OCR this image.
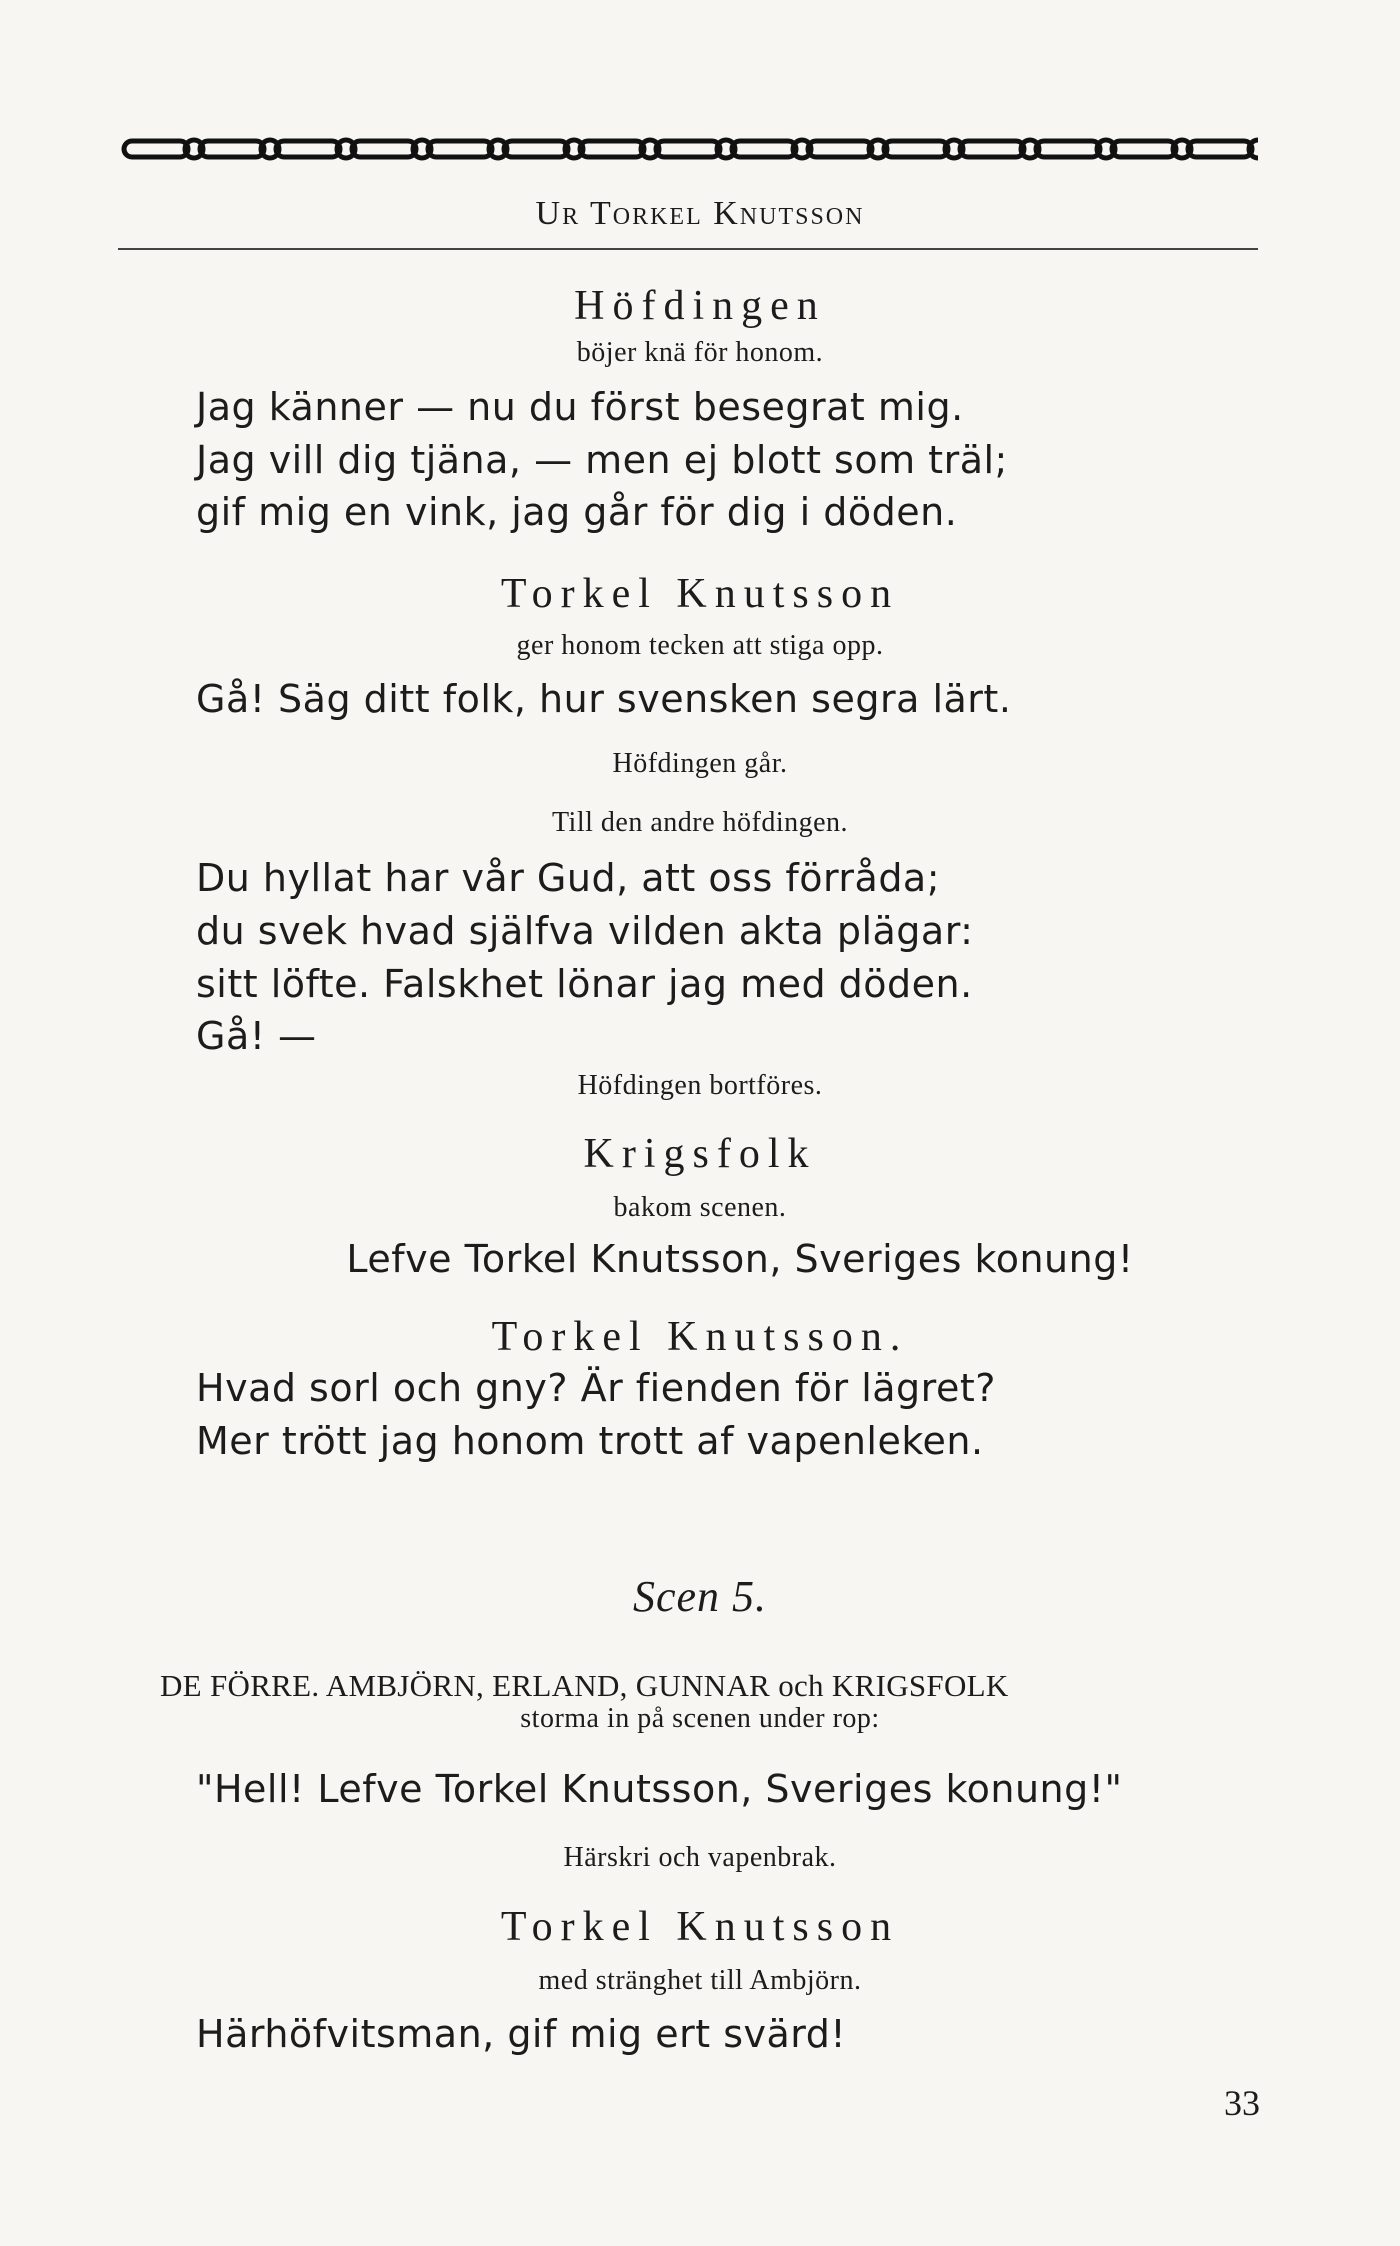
Ur Torkel Knutsson
Höfdingen
böjer knä för honom.
Jag känner — nu du först besegrat mig.
Jag vill dig tjäna, — men ej blott som träl;
gif mig en vink, jag går för dig i döden.
Torkel Knutsson
ger honom tecken att stiga opp.
Gå! Säg ditt folk, hur svensken segra lärt.
Höfdingen går.
Till den andre höfdingen.
Du hyllat har vår Gud, att oss förråda;
du svek hvad själfva vilden akta plägar:
sitt löfte. Falskhet lönar jag med döden.
Gå! —
Höfdingen bortföres.
Krigsfolk
bakom scenen.
Lefve Torkel Knutsson, Sveriges konung!
Torkel Knutsson.
Hvad sorl och gny? Är fienden för lägret?
Mer trött jag honom trott af vapenleken.
Scen 5.
DE FÖRRE. AMBJÖRN, ERLAND, GUNNAR och KRIGSFOLK
storma in på scenen under rop:
"Hell! Lefve Torkel Knutsson, Sveriges konung!"
Härskri och vapenbrak.
Torkel Knutsson
med stränghet till Ambjörn.
Härhöfvitsman, gif mig ert svärd!
33
